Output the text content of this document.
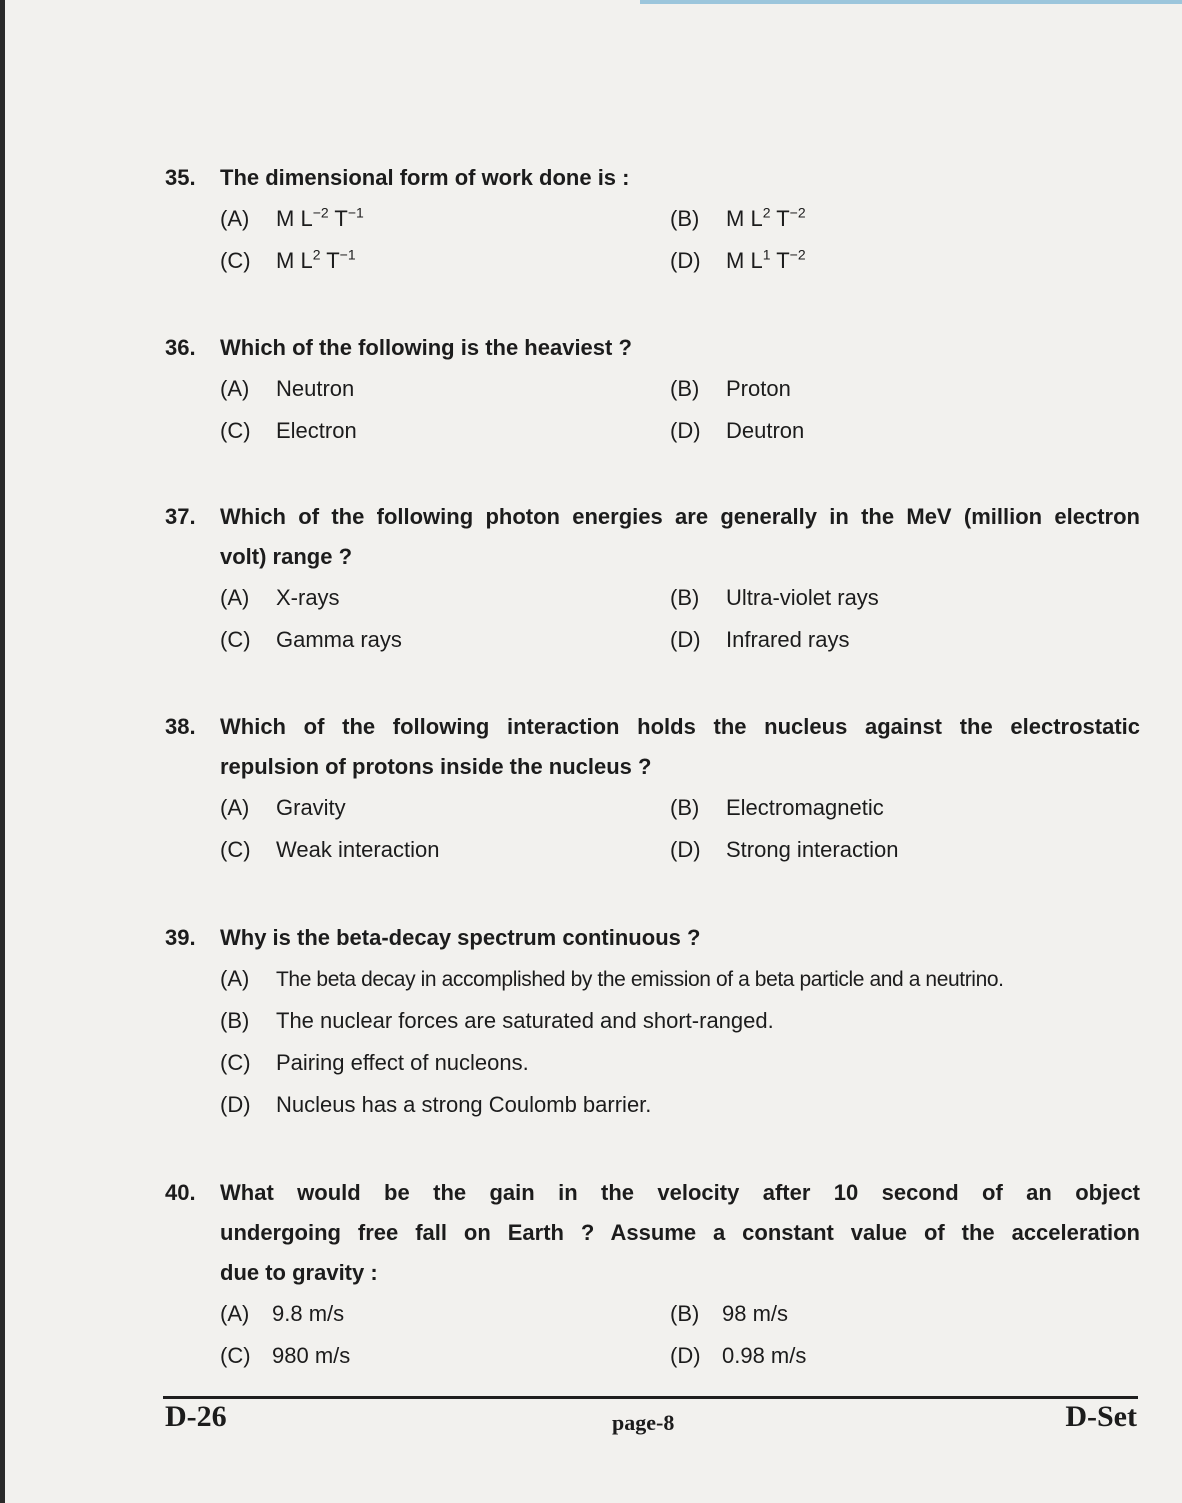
35. The dimensional form of work done is :
(A) M $L^{-2}$ $T^{-1}$	(B) M $L^2$ $T^{-2}$
(C) M $L^2$ $T^{-1}$	(D) M $L^1$ $T^{-2}$
36. Which of the following is the heaviest ?
(A) Neutron	(B) Proton
(C) Electron	(D) Deutron
37. Which of the following photon energies are generally in the MeV (million electron
volt) range ?
(A) X-rays	(B) Ultra-violet rays
(C) Gamma rays	(D) Infrared rays
38. Which of the following interaction holds the nucleus against the electrostatic
repulsion of protons inside the nucleus ?
(A) Gravity	(B) Electromagnetic
(C) Weak interaction	(D) Strong interaction
39. Why is the beta-decay spectrum continuous ?
(A) The beta decay in accomplished by the emission of a beta particle and a neutrino.
(B) The nuclear forces are saturated and short-ranged.
(C) Pairing effect of nucleons.
(D) Nucleus has a strong Coulomb barrier.
40. What would be the gain in the velocity after 10 second of an object
undergoing free fall on Earth ? Assume a constant value of the acceleration
due to gravity :
(A) 9.8 m/s	(B) 98 m/s
(C) 980 m/s	(D) 0.98 m/s
D-26	page-8	D-Set
